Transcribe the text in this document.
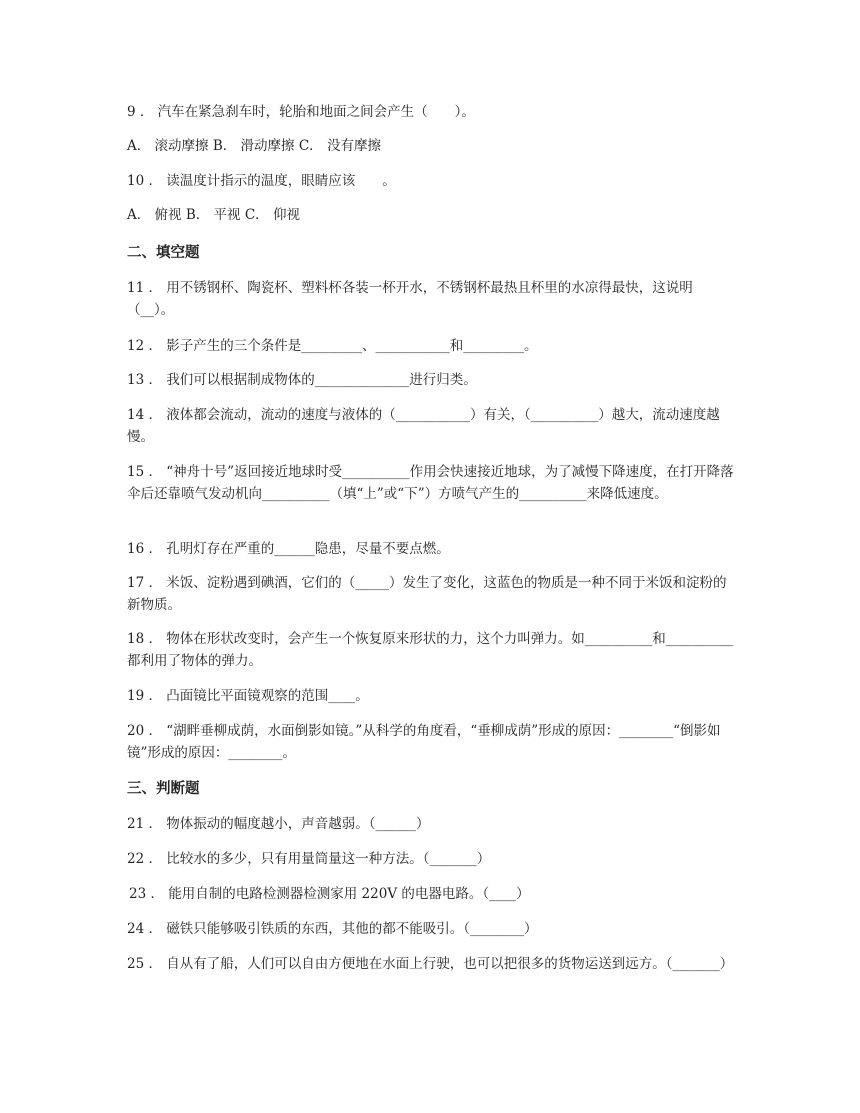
9 ． 汽车在紧急刹车时，轮胎和地面之间会产生（　　）。

A． 滚动摩擦 B． 滑动摩擦 C． 没有摩擦

10 ． 读温度计指示的温度，眼睛应该　　。

A． 俯视 B． 平视 C． 仰视

二、填空题

11 ． 用不锈钢杯、陶瓷杯、塑料杯各装一杯开水，不锈钢杯最热且杯里的水凉得最快，这说明（__）。

12 ． 影子产生的三个条件是_________、___________和_________。

13 ． 我们可以根据制成物体的______________进行归类。

14 ． 液体都会流动，流动的速度与液体的（___________）有关，（__________）越大，流动速度越慢。

15 ． “神舟十号”返回接近地球时受__________作用会快速接近地球，为了减慢下降速度，在打开降落伞后还靠喷气发动机向__________（填“上”或“下”）方喷气产生的__________来降低速度。

16 ． 孔明灯存在严重的______隐患，尽量不要点燃。

17 ． 米饭、淀粉遇到碘酒，它们的（_____）发生了变化，这蓝色的物质是一种不同于米饭和淀粉的新物质。

18 ． 物体在形状改变时，会产生一个恢复原来形状的力，这个力叫弹力。如__________和__________都利用了物体的弹力。

19 ． 凸面镜比平面镜观察的范围____。

20 ． “湖畔垂柳成荫，水面倒影如镜。”从科学的角度看，“垂柳成荫”形成的原因：________“倒影如镜”形成的原因：________。

三、判断题

21 ． 物体振动的幅度越小，声音越弱。（______）

22 ． 比较水的多少，只有用量筒量这一种方法。（_______）

23 ． 能用自制的电路检测器检测家用 220V 的电器电路。（____）

24 ． 磁铁只能够吸引铁质的东西，其他的都不能吸引。（________）

25 ． 自从有了船，人们可以自由方便地在水面上行驶，也可以把很多的货物运送到远方。（_______）
